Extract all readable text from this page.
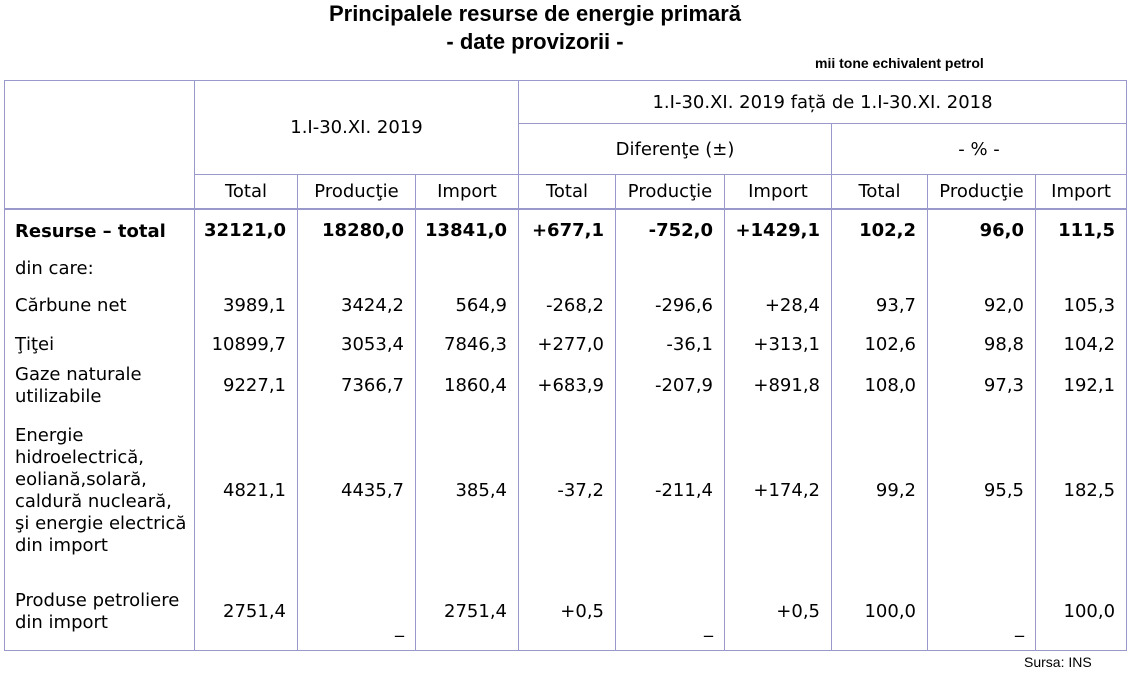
Principalele resurse de energie primară
- date provizorii -
mii tone echivalent petrol
	1.I-30.XI. 2019			1.I-30.XI. 2019 față de 1.I-30.XI. 2018					
				Diferenţe (±)			- % -		
	Total	Producţie	Import	Total	Producţie	Import	Total	Producţie	Import
Resurse – total	32121,0	18280,0	13841,0	+677,1	-752,0	+1429,1	102,2	96,0	111,5
din care:									
Cărbune net	3989,1	3424,2	564,9	-268,2	-296,6	+28,4	93,7	92,0	105,3
Ţiţei	10899,7	3053,4	7846,3	+277,0	-36,1	+313,1	102,6	98,8	104,2
Gaze naturale utilizabile	9227,1	7366,7	1860,4	+683,9	-207,9	+891,8	108,0	97,3	192,1
Energie hidroelectrică, eoliană,solară, caldură nucleară, şi energie electrică din import	4821,1	4435,7	385,4	-37,2	-211,4	+174,2	99,2	95,5	182,5
Produse petroliere din import	2751,4	_	2751,4	+0,5	_	+0,5	100,0	_	100,0
Sursa: INS
